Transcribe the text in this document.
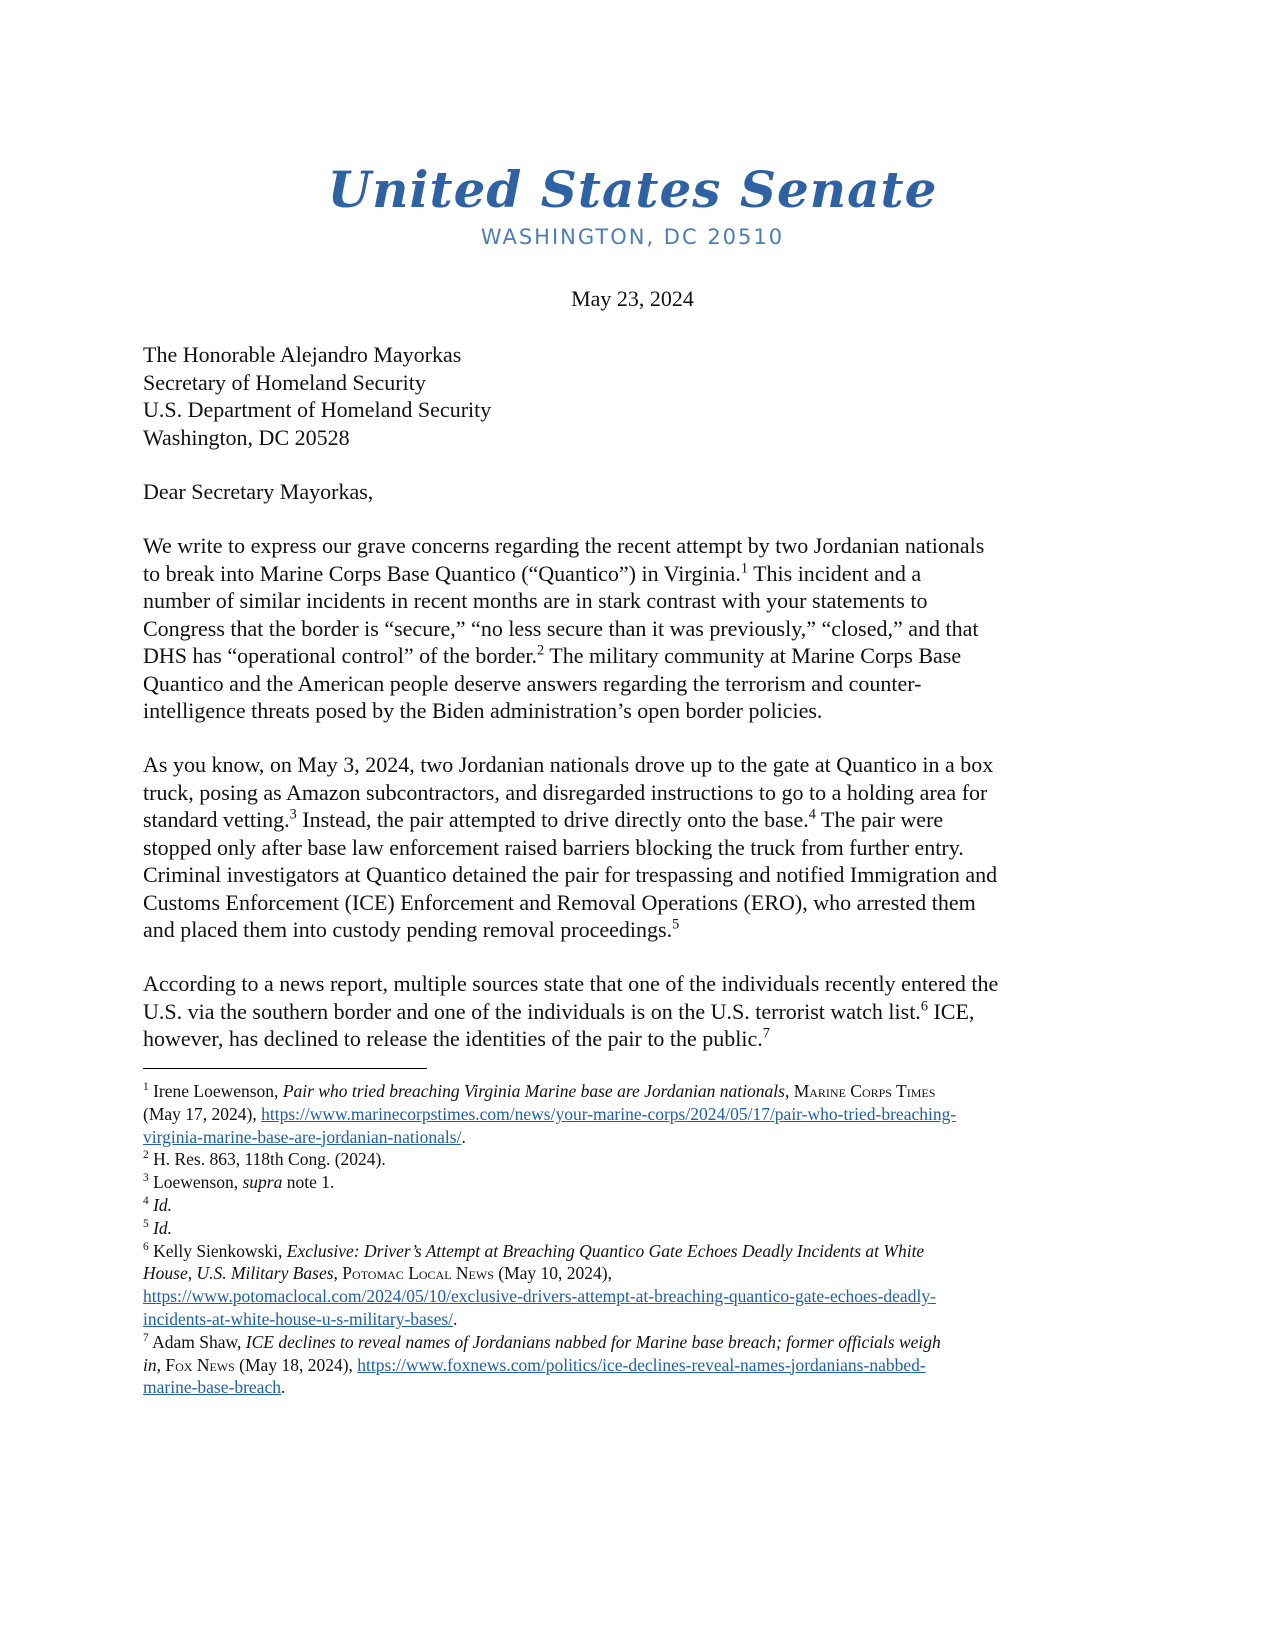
United States Senate
WASHINGTON, DC 20510
May 23, 2024
The Honorable Alejandro Mayorkas
Secretary of Homeland Security
U.S. Department of Homeland Security
Washington, DC 20528
Dear Secretary Mayorkas,
We write to express our grave concerns regarding the recent attempt by two Jordanian nationals
to break into Marine Corps Base Quantico (“Quantico”) in Virginia.$^1$ This incident and a
number of similar incidents in recent months are in stark contrast with your statements to
Congress that the border is “secure,” “no less secure than it was previously,” “closed,” and that
DHS has “operational control” of the border.$^2$ The military community at Marine Corps Base
Quantico and the American people deserve answers regarding the terrorism and counter-
intelligence threats posed by the Biden administration’s open border policies.
As you know, on May 3, 2024, two Jordanian nationals drove up to the gate at Quantico in a box
truck, posing as Amazon subcontractors, and disregarded instructions to go to a holding area for
standard vetting.$^3$ Instead, the pair attempted to drive directly onto the base.$^4$ The pair were
stopped only after base law enforcement raised barriers blocking the truck from further entry.
Criminal investigators at Quantico detained the pair for trespassing and notified Immigration and
Customs Enforcement (ICE) Enforcement and Removal Operations (ERO), who arrested them
and placed them into custody pending removal proceedings.$^5$
According to a news report, multiple sources state that one of the individuals recently entered the
U.S. via the southern border and one of the individuals is on the U.S. terrorist watch list.$^6$ ICE,
however, has declined to release the identities of the pair to the public.$^7$
$^1$ Irene Loewenson, Pair who tried breaching Virginia Marine base are Jordanian nationals, Marine Corps Times
(May 17, 2024), https://www.marinecorpstimes.com/news/your-marine-corps/2024/05/17/pair-who-tried-breaching-
virginia-marine-base-are-jordanian-nationals/.
$^2$ H. Res. 863, 118th Cong. (2024).
$^3$ Loewenson, supra note 1.
$^4$ Id.
$^5$ Id.
$^6$ Kelly Sienkowski, Exclusive: Driver’s Attempt at Breaching Quantico Gate Echoes Deadly Incidents at White
House, U.S. Military Bases, Potomac Local News (May 10, 2024),
https://www.potomaclocal.com/2024/05/10/exclusive-drivers-attempt-at-breaching-quantico-gate-echoes-deadly-
incidents-at-white-house-u-s-military-bases/.
$^7$ Adam Shaw, ICE declines to reveal names of Jordanians nabbed for Marine base breach; former officials weigh
in, Fox News (May 18, 2024), https://www.foxnews.com/politics/ice-declines-reveal-names-jordanians-nabbed-
marine-base-breach.
